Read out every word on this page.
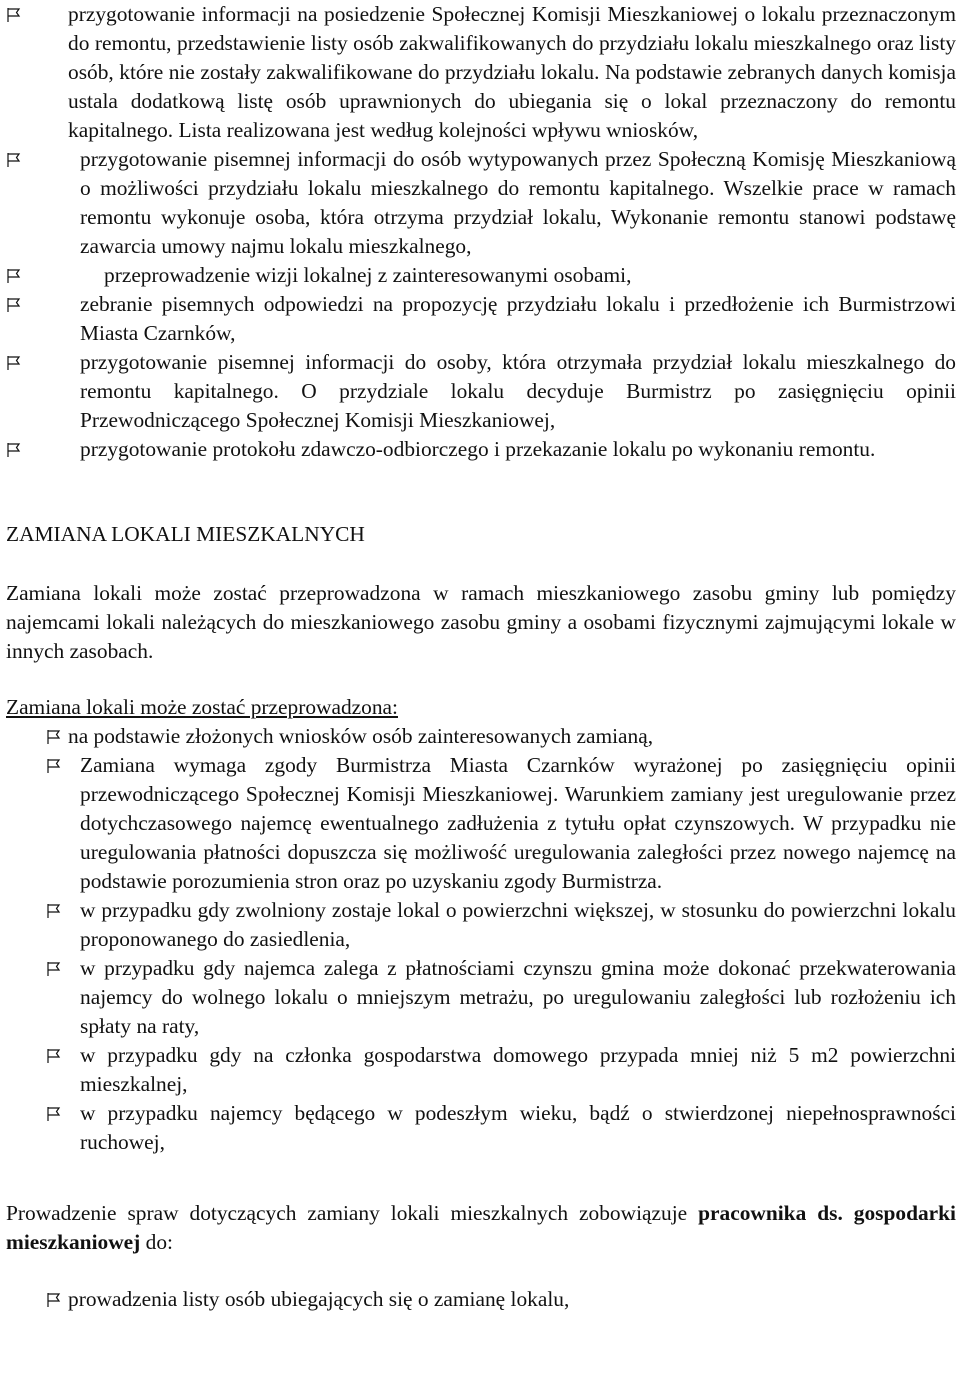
przygotowanie informacji na posiedzenie Społecznej Komisji Mieszkaniowej o lokalu przeznaczonym do remontu, przedstawienie listy osób zakwalifikowanych do przydziału lokalu mieszkalnego oraz listy osób, które nie zostały zakwalifikowane do przydziału lokalu. Na podstawie zebranych danych komisja ustala dodatkową listę osób uprawnionych do ubiegania się o lokal przeznaczony do remontu kapitalnego. Lista realizowana jest według kolejności wpływu wniosków,
przygotowanie pisemnej informacji do osób wytypowanych przez Społeczną Komisję Mieszkaniową o możliwości przydziału lokalu mieszkalnego do remontu kapitalnego. Wszelkie prace w ramach remontu wykonuje osoba, która otrzyma przydział lokalu, Wykonanie remontu stanowi podstawę zawarcia umowy najmu lokalu mieszkalnego,
przeprowadzenie wizji lokalnej z zainteresowanymi osobami,
zebranie pisemnych odpowiedzi na propozycję przydziału lokalu i przedłożenie ich Burmistrzowi Miasta Czarnków,
przygotowanie pisemnej informacji do osoby, która otrzymała przydział lokalu mieszkalnego do remontu kapitalnego. O przydziale lokalu decyduje Burmistrz po zasięgnięciu opinii Przewodniczącego Społecznej Komisji Mieszkaniowej,
przygotowanie protokołu zdawczo-odbiorczego i przekazanie lokalu po wykonaniu remontu.

ZAMIANA LOKALI MIESZKALNYCH

Zamiana lokali może zostać przeprowadzona w ramach mieszkaniowego zasobu gminy lub pomiędzy najemcami lokali należących do mieszkaniowego zasobu gminy a osobami fizycznymi zajmującymi lokale w innych zasobach.

Zamiana lokali może zostać przeprowadzona:

na podstawie złożonych wniosków osób zainteresowanych zamianą,
Zamiana wymaga zgody Burmistrza Miasta Czarnków wyrażonej po zasięgnięciu opinii przewodniczącego Społecznej Komisji Mieszkaniowej. Warunkiem zamiany jest uregulowanie przez dotychczasowego najemcę ewentualnego zadłużenia z tytułu opłat czynszowych. W przypadku nie uregulowania płatności dopuszcza się możliwość uregulowania zaległości przez nowego najemcę na podstawie porozumienia stron oraz po uzyskaniu zgody Burmistrza.
w przypadku gdy zwolniony zostaje lokal o powierzchni większej, w stosunku do powierzchni lokalu proponowanego do zasiedlenia,
w przypadku gdy najemca zalega z płatnościami czynszu gmina może dokonać przekwaterowania najemcy do wolnego lokalu o mniejszym metrażu, po uregulowaniu zaległości lub rozłożeniu ich spłaty na raty,
w przypadku gdy na członka gospodarstwa domowego przypada mniej niż 5 m2 powierzchni mieszkalnej,
w przypadku najemcy będącego w podeszłym wieku, bądź o stwierdzonej niepełnosprawności ruchowej,

Prowadzenie spraw dotyczących zamiany lokali mieszkalnych zobowiązuje pracownika ds. gospodarki mieszkaniowej do:

prowadzenia listy osób ubiegających się o zamianę lokalu,
